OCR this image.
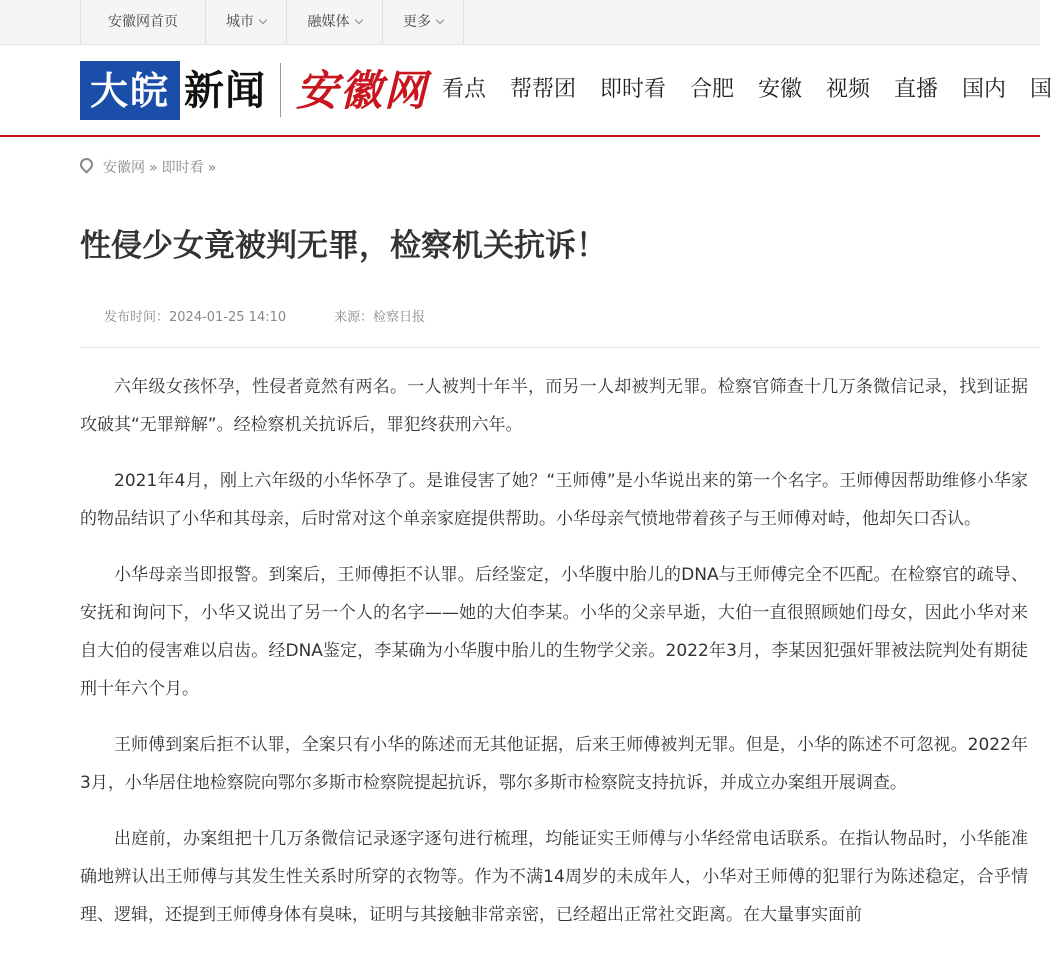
安徽网首页	城市	融媒体	更多
大皖 新闻 安徽网 看点 帮帮团 即时看 合肥 安徽 视频 直播 国内 国
安徽网 » 即时看 »
性侵少女竟被判无罪，检察机关抗诉！
发布时间：2024-01-25 14:10	来源：检察日报

六年级女孩怀孕，性侵者竟然有两名。一人被判十年半，而另一人却被判无罪。检察官筛查十几万条微信记录，找到证据攻破其“无罪辩解”。经检察机关抗诉后，罪犯终获刑六年。

2021年4月，刚上六年级的小华怀孕了。是谁侵害了她？“王师傅”是小华说出来的第一个名字。王师傅因帮助维修小华家的物品结识了小华和其母亲，后时常对这个单亲家庭提供帮助。小华母亲气愤地带着孩子与王师傅对峙，他却矢口否认。

小华母亲当即报警。到案后，王师傅拒不认罪。后经鉴定，小华腹中胎儿的DNA与王师傅完全不匹配。在检察官的疏导、安抚和询问下，小华又说出了另一个人的名字——她的大伯李某。小华的父亲早逝，大伯一直很照顾她们母女，因此小华对来自大伯的侵害难以启齿。经DNA鉴定，李某确为小华腹中胎儿的生物学父亲。2022年3月，李某因犯强奸罪被法院判处有期徒刑十年六个月。

王师傅到案后拒不认罪，全案只有小华的陈述而无其他证据，后来王师傅被判无罪。但是，小华的陈述不可忽视。2022年3月，小华居住地检察院向鄂尔多斯市检察院提起抗诉，鄂尔多斯市检察院支持抗诉，并成立办案组开展调查。

出庭前，办案组把十几万条微信记录逐字逐句进行梳理，均能证实王师傅与小华经常电话联系。在指认物品时，小华能准确地辨认出王师傅与其发生性关系时所穿的衣物等。作为不满14周岁的未成年人，小华对王师傅的犯罪行为陈述稳定，合乎情理、逻辑，还提到王师傅身体有臭味，证明与其接触非常亲密，已经超出正常社交距离。在大量事实面前
